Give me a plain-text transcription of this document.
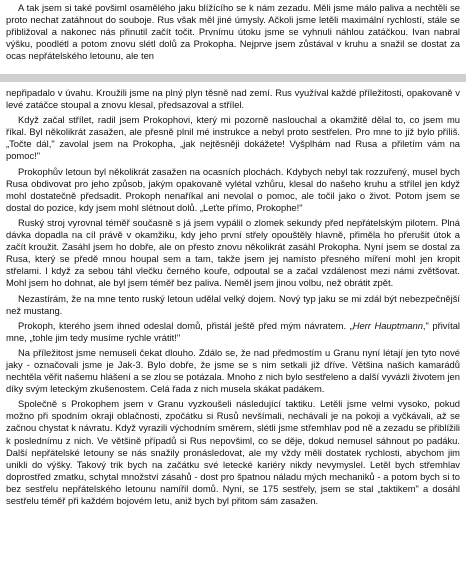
A tak jsem si také povšiml osamělého jaku blížícího se k nám zezadu. Měli jsme málo paliva a nechtěli se proto nechat zatáhnout do souboje. Rus však měl jiné úmysly. Ačkoli jsme letěli maximální rychlostí, stále se přibližoval a nakonec nás přinutil začít točit. Prvnímu útoku jsme se vyhnuli náhlou zatáčkou. Ivan nabral výšku, poodlétl a potom znovu slétl dolů za Prokopha. Nejprve jsem zůstával v kruhu a snažil se dostat za ocas nepřátelského letounu, ale ten

nepřipadalo v úvahu. Kroužili jsme na plný plyn těsně nad zemí. Rus využíval každé příležitosti, opakovaně v levé zatáčce stoupal a znovu klesal, předsazoval a střílel.

Když začal střílet, radil jsem Prokophovi, který mi pozorně naslouchal a okamžitě dělal to, co jsem mu říkal. Byl několikrát zasažen, ale přesně plnil mé instrukce a nebyl proto sestřelen. Pro mne to již bylo příliš. „Točte dál," zavolal jsem na Prokopha, „jak nejtěsněji dokážete! Vyšplhám nad Rusa a přiletím vám na pomoc!"

Prokophův letoun byl několikrát zasažen na ocasních plochách. Kdybych nebyl tak rozzuřený, musel bych Rusa obdivovat pro jeho způsob, jakým opakovaně vylétal vzhůru, klesal do našeho kruhu a střílel jen když mohl dostatečně předsadit. Prokoph nenaříkal ani nevolal o pomoc, ale točil jako o život. Potom jsem se dostal do pozice, kdy jsem mohl slétnout dolů. „Leťte přímo, Prokophe!"

Ruský stroj vyrovnal téměř současně s já jsem vypálil o zlomek sekundy před nepřátelským pilotem. Plná dávka dopadla na cíl právě v okamžiku, kdy jeho první střely opouštěly hlavně, přiměla ho přerušit útok a začít kroužit. Zasáhl jsem ho dobře, ale on přesto znovu několikrát zasáhl Prokopha. Nyní jsem se dostal za Rusa, který se předě mnou houpal sem a tam, takže jsem jej namísto přesného míření mohl jen kropit střelami. I když za sebou táhl vlečku černého kouře, odpoutal se a začal vzdálenost mezi námi zvětšovat. Mohl jsem ho dohnat, ale byl jsem téměř bez paliva. Neměl jsem jinou volbu, než obrátit zpět.

Nezastírám, že na mne tento ruský letoun udělal velký dojem. Nový typ jaku se mi zdál být nebezpečnější než mustang.

Prokoph, kterého jsem ihned odeslal domů, přistál ještě před mým návratem. „Herr Hauptmann," přivítal mne, „tohle jim tedy musíme rychle vrátit!"

Na příležitost jsme nemuseli čekat dlouho. Zdálo se, že nad předmostím u Granu nyní létají jen tyto nové jaky - označovali jsme je Jak-3. Bylo dobře, že jsme se s nim setkali již dříve. Většina našich kamarádů nechtěla věřit našemu hlášení a se zlou se potázala. Mnoho z nich bylo sestřeleno a další vyvázli životem jen díky svým leteckým zkušenostem. Celá řada z nich musela skákat padákem.

Společně s Prokophem jsem v Granu vyzkoušeli následující taktiku. Letěli jsme velmi vysoko, pokud možno při spodním okraji oblačnosti, zpočátku si Rusů nevšímali, nechávali je na pokoji a vyčkávali, až se začnou chystat k návratu. Když vyrazili východním směrem, slétli jsme střemhlav pod ně a zezadu se přiblížili k poslednímu z nich. Ve většině případů si Rus nepovšiml, co se děje, dokud nemusel sáhnout po padáku. Další nepřátelské letouny se nás snažily pronásledovat, ale my vždy měli dostatek rychlosti, abychom jim unikli do výšky. Takový trik bych na začátku své letecké kariéry nikdy nevymyslel. Letěl bych střemhlav doprostřed zmatku, schytal množství zásahů - dost pro špatnou náladu mých mechaniků - a potom bych si to bez sestřelu nepřátelského letounu namířil domů. Nyní, se 175 sestřely, jsem se stal „taktikem" a dosáhl sestřelu téměř při každém bojovém letu, aniž bych byl přitom sám zasažen.
